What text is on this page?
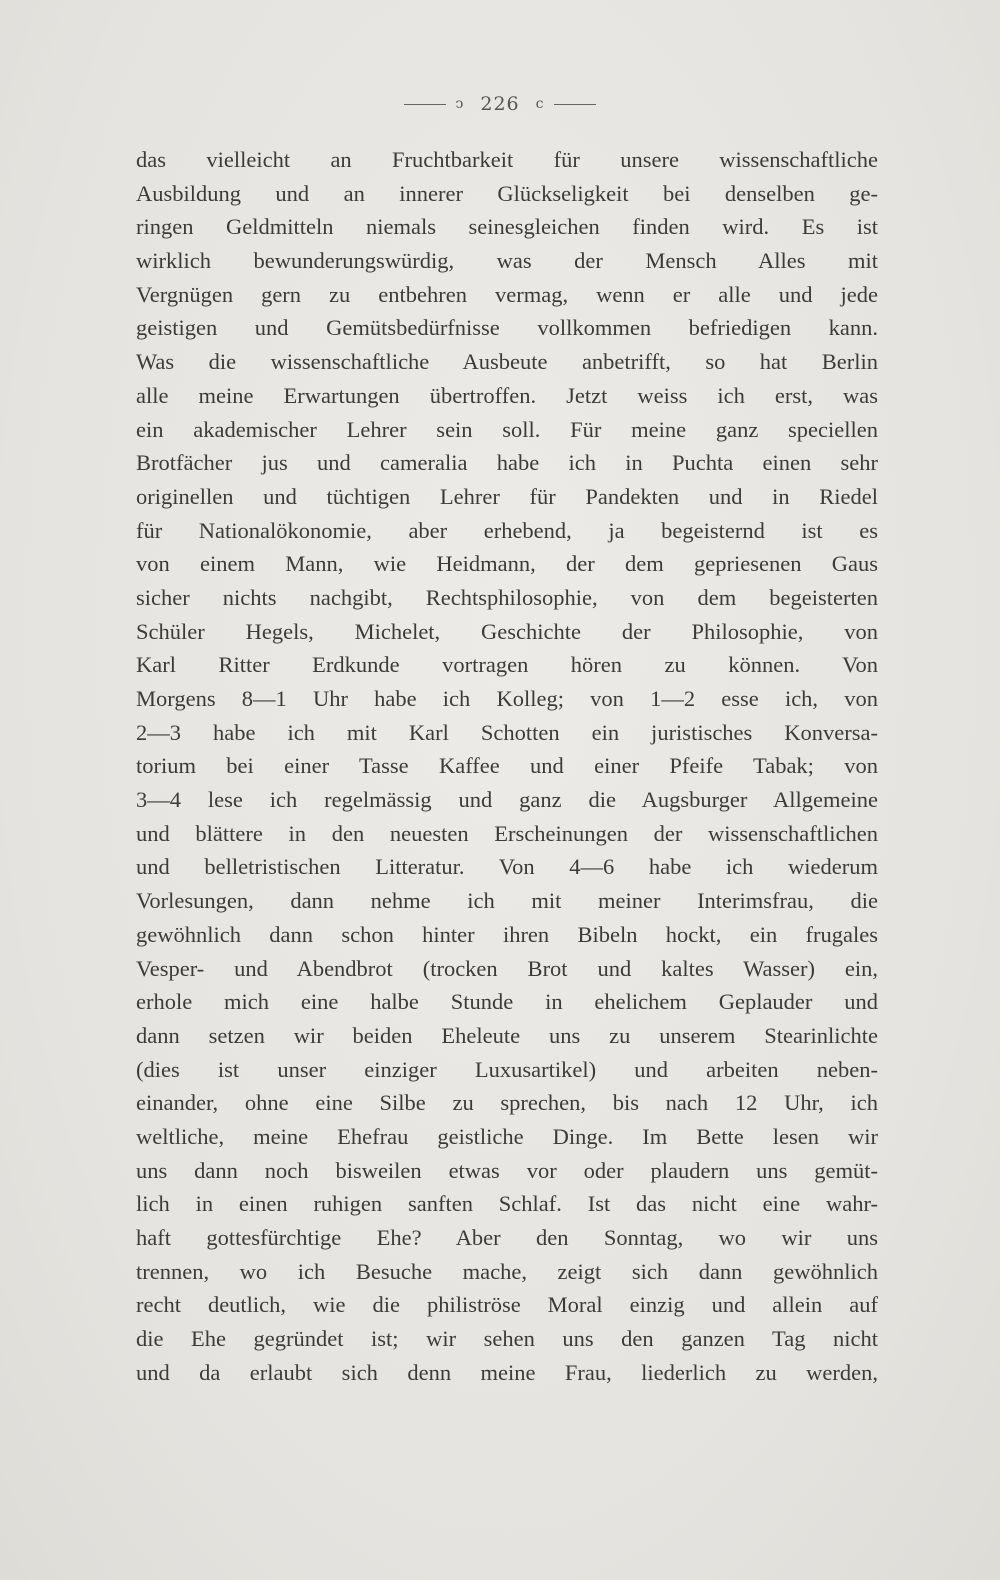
ↄ 226 c
das vielleicht an Fruchtbarkeit für unsere wissenschaftliche
Ausbildung und an innerer Glückseligkeit bei denselben ge-
ringen Geldmitteln niemals seinesgleichen finden wird. Es ist
wirklich bewunderungswürdig, was der Mensch Alles mit
Vergnügen gern zu entbehren vermag, wenn er alle und jede
geistigen und Gemütsbedürfnisse vollkommen befriedigen kann.
Was die wissenschaftliche Ausbeute anbetrifft, so hat Berlin
alle meine Erwartungen übertroffen. Jetzt weiss ich erst, was
ein akademischer Lehrer sein soll. Für meine ganz speciellen
Brotfächer jus und cameralia habe ich in Puchta einen sehr
originellen und tüchtigen Lehrer für Pandekten und in Riedel
für Nationalökonomie, aber erhebend, ja begeisternd ist es
von einem Mann, wie Heidmann, der dem gepriesenen Gaus
sicher nichts nachgibt, Rechtsphilosophie, von dem begeisterten
Schüler Hegels, Michelet, Geschichte der Philosophie, von
Karl Ritter Erdkunde vortragen hören zu können. Von
Morgens 8—1 Uhr habe ich Kolleg; von 1—2 esse ich, von
2—3 habe ich mit Karl Schotten ein juristisches Konversa-
torium bei einer Tasse Kaffee und einer Pfeife Tabak; von
3—4 lese ich regelmässig und ganz die Augsburger Allgemeine
und blättere in den neuesten Erscheinungen der wissenschaftlichen
und belletristischen Litteratur. Von 4—6 habe ich wiederum
Vorlesungen, dann nehme ich mit meiner Interimsfrau, die
gewöhnlich dann schon hinter ihren Bibeln hockt, ein frugales
Vesper- und Abendbrot (trocken Brot und kaltes Wasser) ein,
erhole mich eine halbe Stunde in ehelichem Geplauder und
dann setzen wir beiden Eheleute uns zu unserem Stearinlichte
(dies ist unser einziger Luxusartikel) und arbeiten neben-
einander, ohne eine Silbe zu sprechen, bis nach 12 Uhr, ich
weltliche, meine Ehefrau geistliche Dinge. Im Bette lesen wir
uns dann noch bisweilen etwas vor oder plaudern uns gemüt-
lich in einen ruhigen sanften Schlaf. Ist das nicht eine wahr-
haft gottesfürchtige Ehe? Aber den Sonntag, wo wir uns
trennen, wo ich Besuche mache, zeigt sich dann gewöhnlich
recht deutlich, wie die philiströse Moral einzig und allein auf
die Ehe gegründet ist; wir sehen uns den ganzen Tag nicht
und da erlaubt sich denn meine Frau, liederlich zu werden,
